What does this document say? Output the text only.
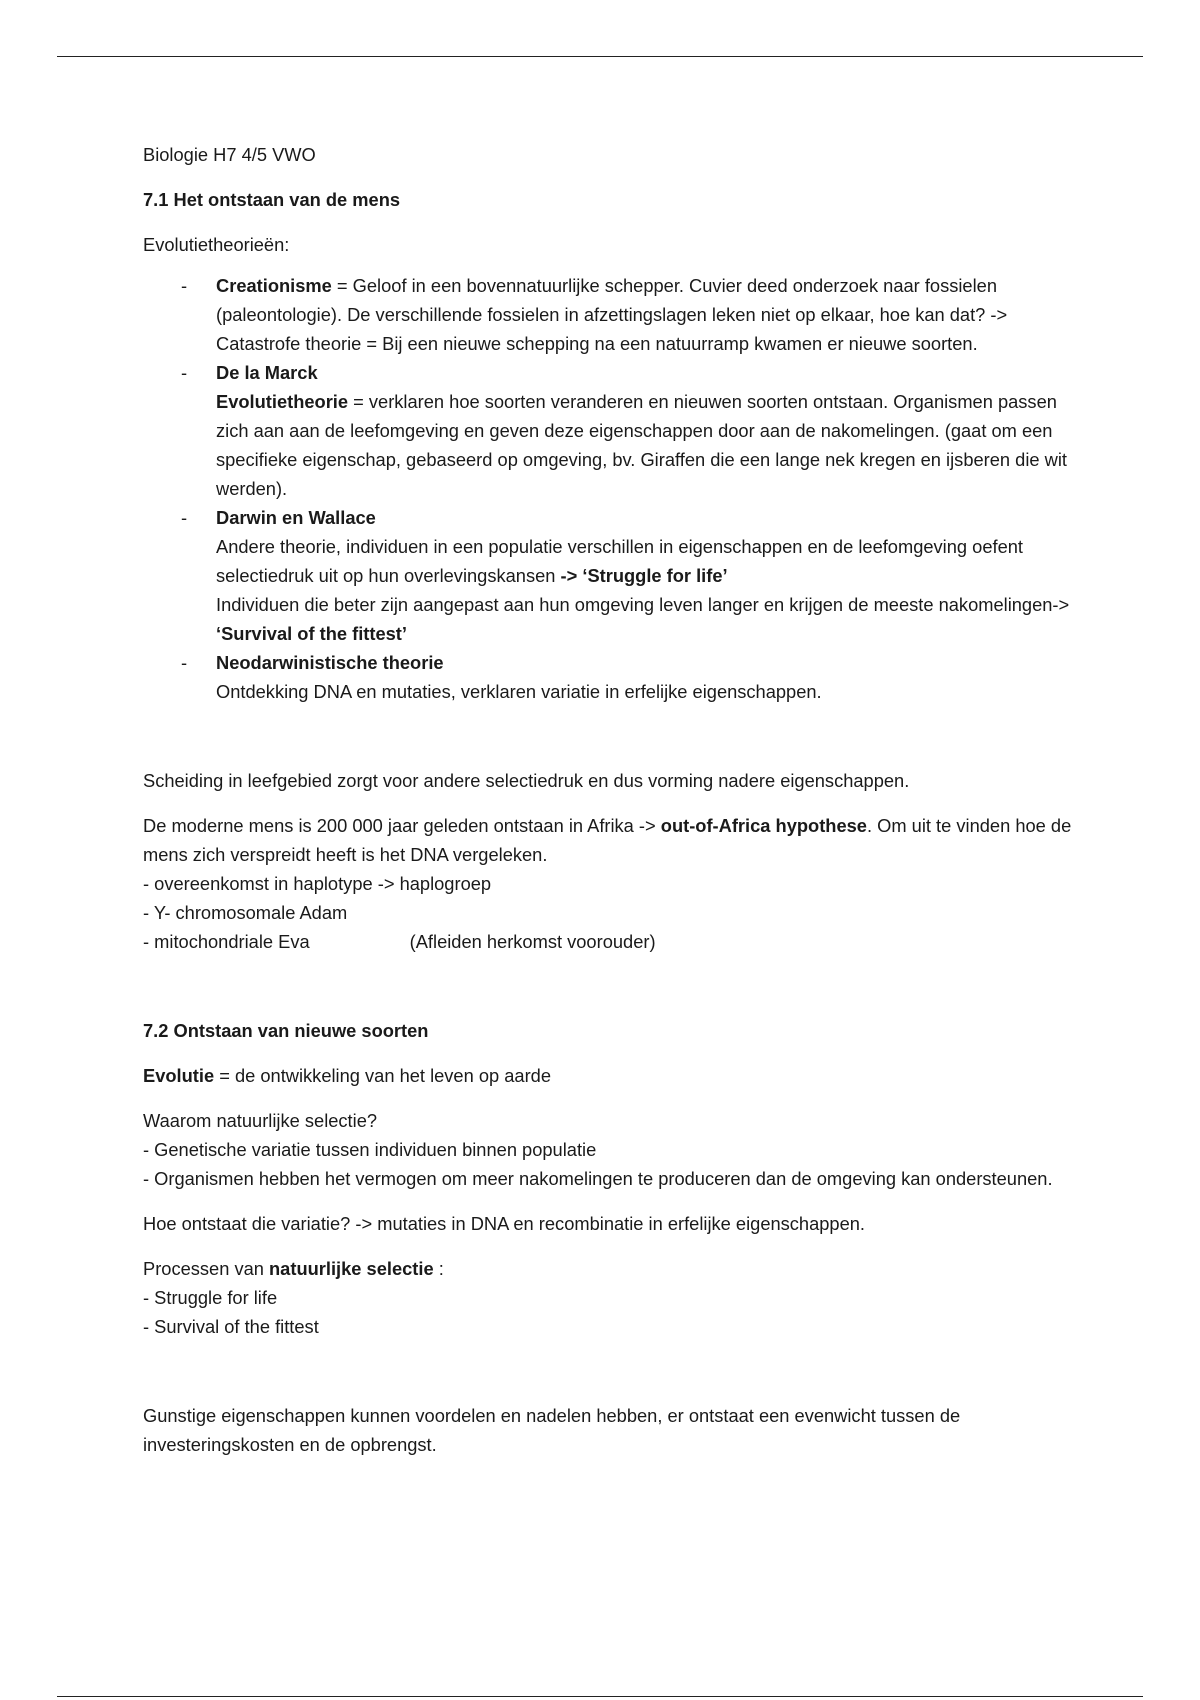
Biologie H7 4/5 VWO

7.1 Het ontstaan van de mens

Evolutietheorieën:

- Creationisme = Geloof in een bovennatuurlijke schepper. Cuvier deed onderzoek naar fossielen (paleontologie). De verschillende fossielen in afzettingslagen leken niet op elkaar, hoe kan dat? -> Catastrofe theorie = Bij een nieuwe schepping na een natuurramp kwamen er nieuwe soorten.
- De la Marck
Evolutietheorie = verklaren hoe soorten veranderen en nieuwen soorten ontstaan. Organismen passen zich aan aan de leefomgeving en geven deze eigenschappen door aan de nakomelingen. (gaat om een specifieke eigenschap, gebaseerd op omgeving, bv. Giraffen die een lange nek kregen en ijsberen die wit werden).
- Darwin en Wallace
Andere theorie, individuen in een populatie verschillen in eigenschappen en de leefomgeving oefent selectiedruk uit op hun overlevingskansen -> ‘Struggle for life’
Individuen die beter zijn aangepast aan hun omgeving leven langer en krijgen de meeste nakomelingen-> ‘Survival of the fittest’
- Neodarwinistische theorie
Ontdekking DNA en mutaties, verklaren variatie in erfelijke eigenschappen.

Scheiding in leefgebied zorgt voor andere selectiedruk en dus vorming nadere eigenschappen.

De moderne mens is 200 000 jaar geleden ontstaan in Afrika -> out-of-Africa hypothese. Om uit te vinden hoe de mens zich verspreidt heeft is het DNA vergeleken.
- overeenkomst in haplotype -> haplogroep
- Y- chromosomale Adam
- mitochondriale Eva	(Afleiden herkomst voorouder)

7.2 Ontstaan van nieuwe soorten

Evolutie = de ontwikkeling van het leven op aarde

Waarom natuurlijke selectie?
- Genetische variatie tussen individuen binnen populatie
- Organismen hebben het vermogen om meer nakomelingen te produceren dan de omgeving kan ondersteunen.

Hoe ontstaat die variatie? -> mutaties in DNA en recombinatie in erfelijke eigenschappen.

Processen van natuurlijke selectie :
- Struggle for life
- Survival of the fittest

Gunstige eigenschappen kunnen voordelen en nadelen hebben, er ontstaat een evenwicht tussen de investeringskosten en de opbrengst.
